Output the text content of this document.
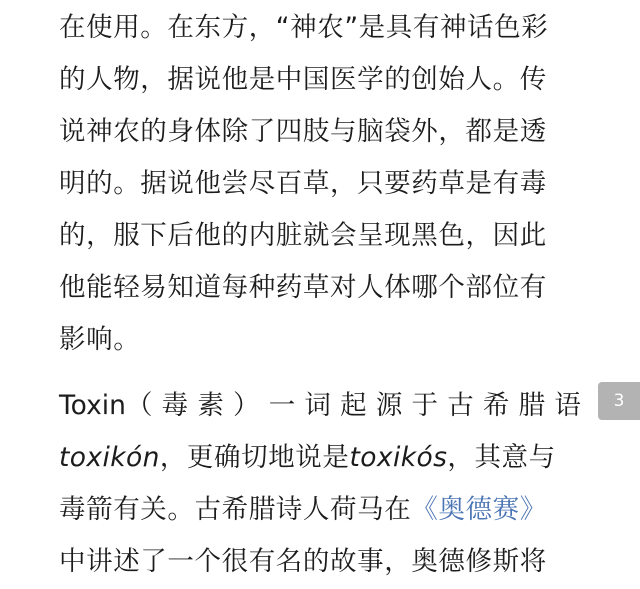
在使用。在东方，“神农”是具有神话色彩
的人物，据说他是中国医学的创始人。传
说神农的身体除了四肢与脑袋外，都是透
明的。据说他尝尽百草，只要药草是有毒
的，服下后他的内脏就会呈现黑色，因此
他能轻易知道每种药草对人体哪个部位有
影响。
Toxin（毒素）一词起源于古希腊语
toxikón，更确切地说是toxikós，其意与
毒箭有关。古希腊诗人荷马在《奥德赛》
中讲述了一个很有名的故事，奥德修斯将
3
